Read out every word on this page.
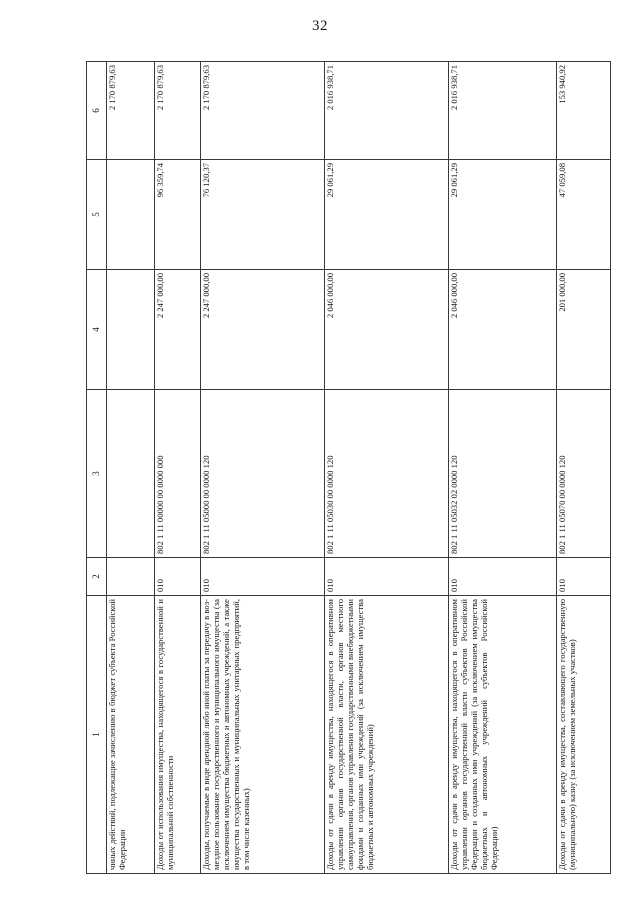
32
1	2	3	4	5	6
чиных действий, подлежащие зачислению в бюджет субъекта Российской Федерации					2 170 879,63
Доходы от использования имущества, находящегося в государственной и муниципальной собственности	010	802 1 11 00000 00 0000 000	2 247 000,00	96 359,74	2 170 879,63
Доходы, получаемые в виде арендной либо иной платы за передачу в возмездное пользование государственного и муниципального имущества (за исключением имущества бюджетных и автономных учреждений, а также имущества государственных и муниципальных унитарных предприятий, в том числе казенных)	010	802 1 11 05000 00 0000 120	2 247 000,00	76 120,37	2 170 879,63
Доходы от сдачи в аренду имущества, находящегося в оперативном управлении органов государственной власти, органов местного самоуправления, органов управления государственными внебюджетными фондами и созданных ими учреждений (за исключением имущества бюджетных и автономных учреждений)	010	802 1 11 05030 00 0000 120	2 046 000,00	29 061,29	2 016 938,71
Доходы от сдачи в аренду имущества, находящегося в оперативном управлении органов государственной власти субъектов Российской Федерации и созданных ими учреждений (за исключением имущества бюджетных и автономных учреждений субъектов Российской Федерации)	010	802 1 11 05032 02 0000 120	2 046 000,00	29 061,29	2 016 938,71
Доходы от сдачи в аренду имущества, составляющего государственную (муниципальную) казну (за исключением земельных участков)	010	802 1 11 05070 00 0000 120	201 000,00	47 059,08	153 940,92
